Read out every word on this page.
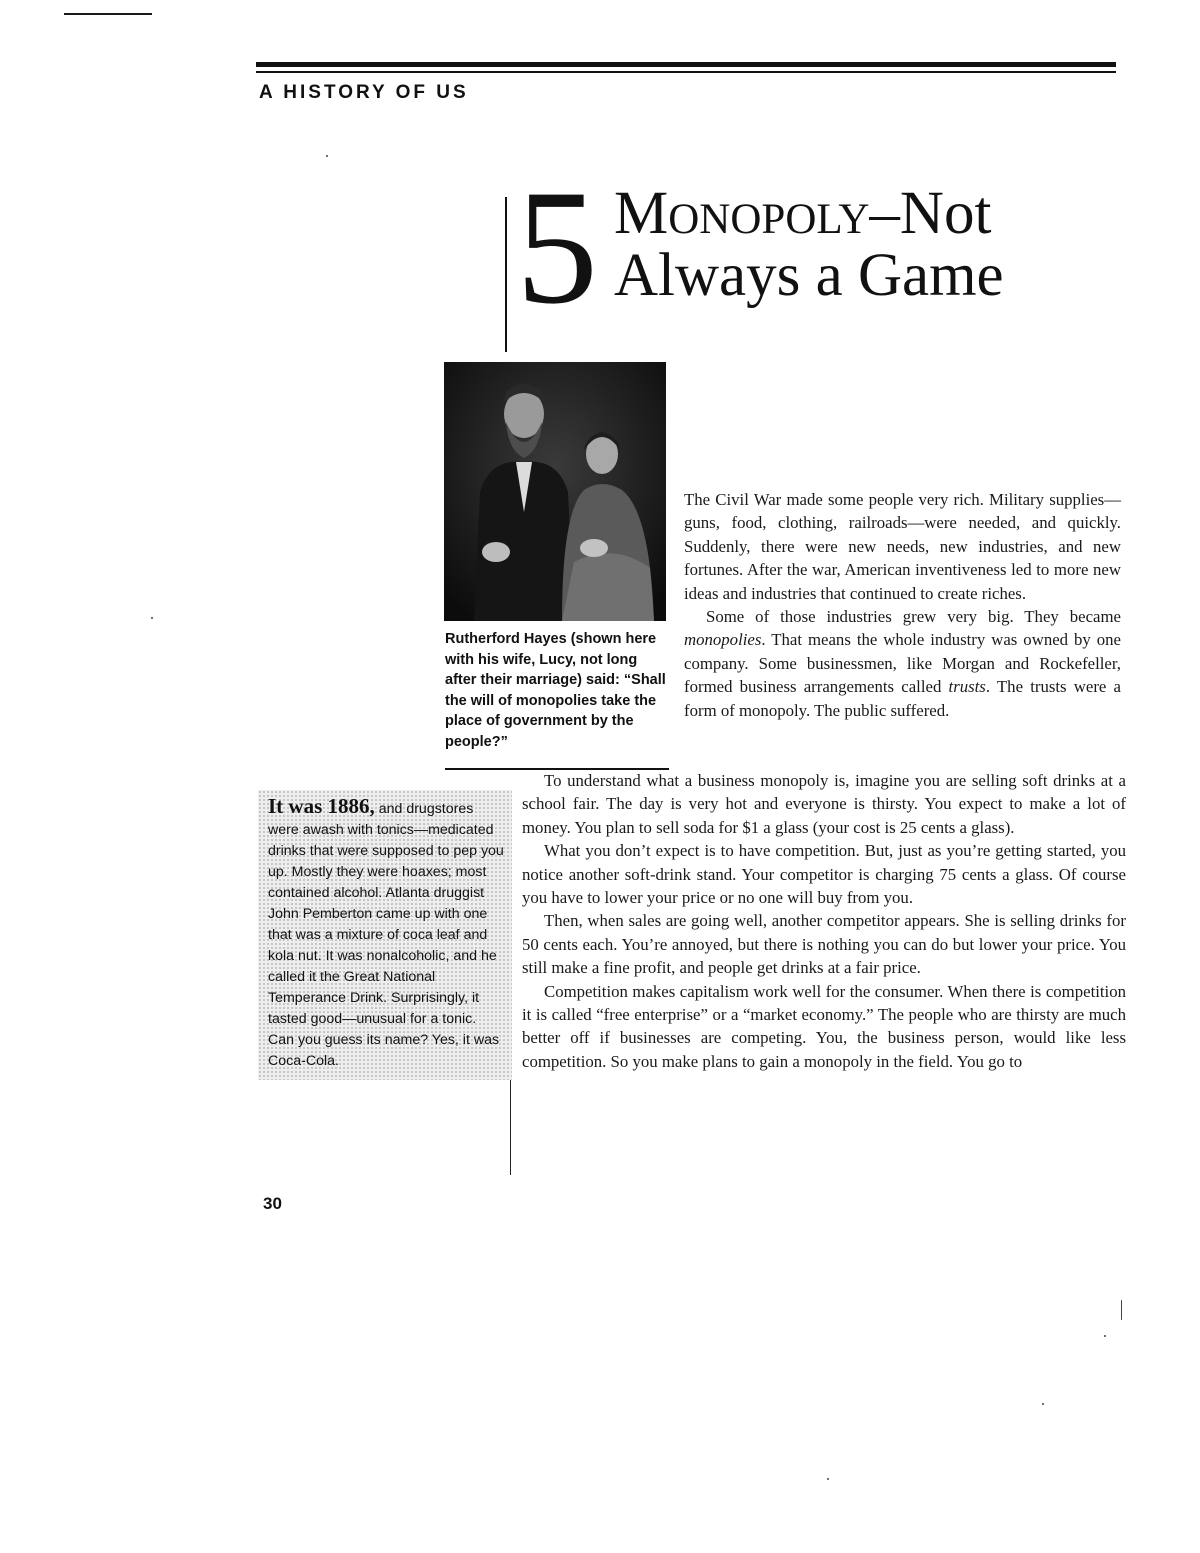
A HISTORY OF US
5 Monopoly–Not
Always a Game
Rutherford Hayes (shown here with his wife, Lucy, not long after their marriage) said: “Shall the will of monopolies take the place of government by the people?”

The Civil War made some people very rich. Military supplies—guns, food, clothing, railroads—were needed, and quickly. Suddenly, there were new needs, new industries, and new fortunes. After the war, American inventiveness led to more new ideas and industries that continued to create riches.

Some of those industries grew very big. They became monopolies. That means the whole industry was owned by one company. Some businessmen, like Morgan and Rockefeller, formed business arrangements called trusts. The trusts were a form of monopoly. The public suffered.

To understand what a business monopoly is, imagine you are selling soft drinks at a school fair. The day is very hot and everyone is thirsty. You expect to make a lot of money. You plan to sell soda for $1 a glass (your cost is 25 cents a glass).

What you don’t expect is to have competition. But, just as you’re getting started, you notice another soft-drink stand. Your competitor is charging 75 cents a glass. Of course you have to lower your price or no one will buy from you.

Then, when sales are going well, another competitor appears. She is selling drinks for 50 cents each. You’re annoyed, but there is nothing you can do but lower your price. You still make a fine profit, and people get drinks at a fair price.

Competition makes capitalism work well for the consumer. When there is competition it is called “free enterprise” or a “market economy.” The people who are thirsty are much better off if businesses are competing. You, the business person, would like less competition. So you make plans to gain a monopoly in the field. You go to

It was 1886, and drugstores were awash with tonics—medicated drinks that were supposed to pep you up. Mostly they were hoaxes; most contained alcohol. Atlanta druggist John Pemberton came up with one that was a mixture of coca leaf and kola nut. It was nonalcoholic, and he called it the Great National Temperance Drink. Surprisingly, it tasted good—unusual for a tonic. Can you guess its name? Yes, it was Coca-Cola.
30
